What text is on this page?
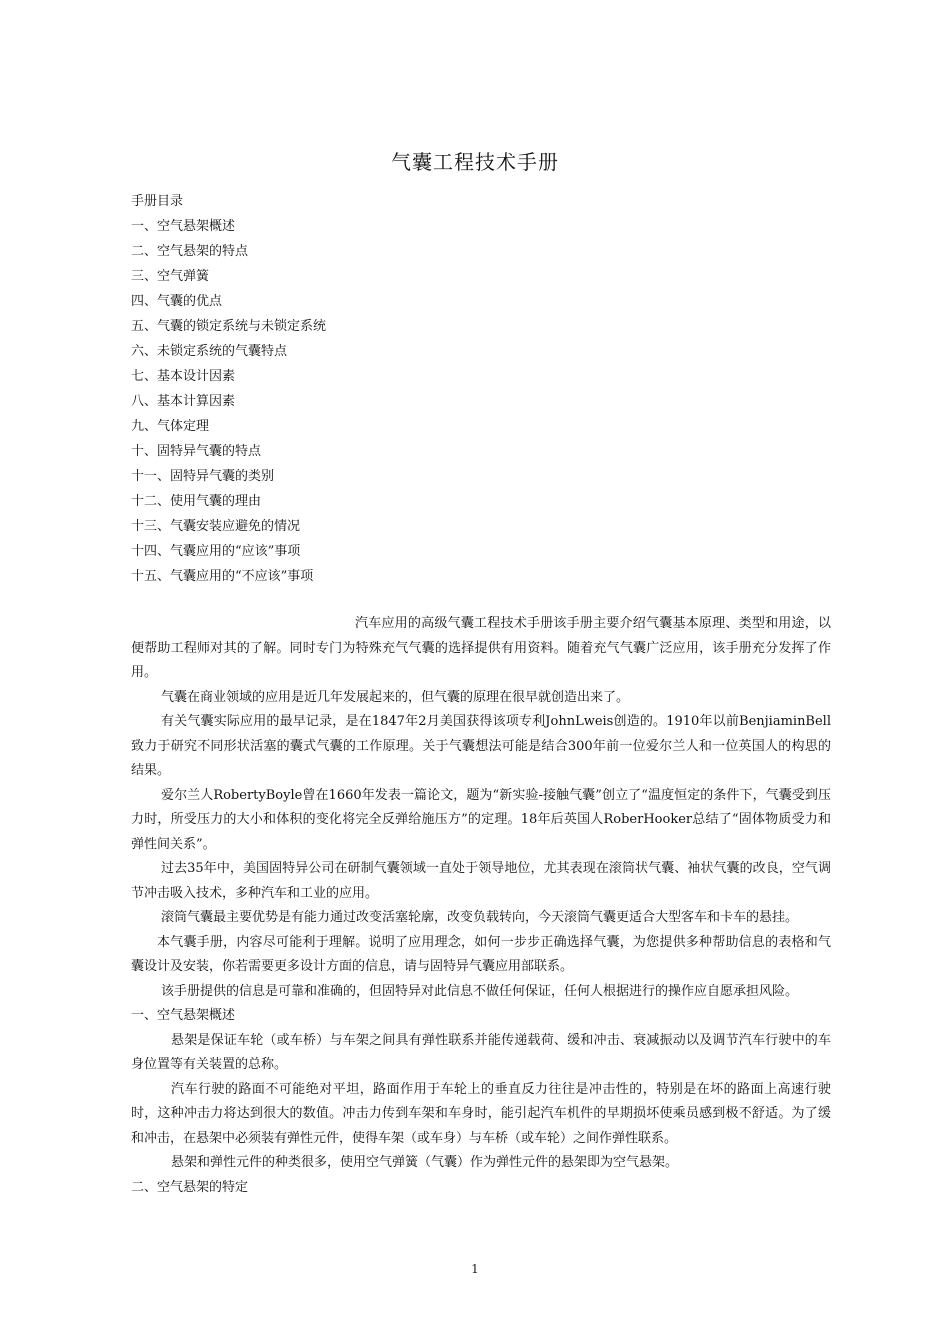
气囊工程技术手册
手册目录
一、空气悬架概述
二、空气悬架的特点
三、空气弹簧
四、气囊的优点
五、气囊的锁定系统与未锁定系统
六、未锁定系统的气囊特点
七、基本设计因素
八、基本计算因素
九、气体定理
十、固特异气囊的特点
十一、固特异气囊的类别
十二、使用气囊的理由
十三、气囊安装应避免的情况
十四、气囊应用的“应该”事项
十五、气囊应用的“不应该”事项

汽车应用的高级气囊工程技术手册该手册主要介绍气囊基本原理、类型和用途，以便帮助工程师对其的了解。同时专门为特殊充气气囊的选择提供有用资料。随着充气气囊广泛应用，该手册充分发挥了作用。

气囊在商业领域的应用是近几年发展起来的，但气囊的原理在很早就创造出来了。

有关气囊实际应用的最早记录，是在1847年2月美国获得该项专利JohnLweis创造的。1910年以前BenjiaminBell致力于研究不同形状活塞的囊式气囊的工作原理。关于气囊想法可能是结合300年前一位爱尔兰人和一位英国人的构思的结果。

爱尔兰人RobertyBoyle曾在1660年发表一篇论文，题为“新实验-接触气囊”创立了“温度恒定的条件下，气囊受到压力时，所受压力的大小和体积的变化将完全反弹给施压方”的定理。18年后英国人RoberHooker总结了“固体物质受力和弹性间关系”。

过去35年中，美国固特异公司在研制气囊领域一直处于领导地位，尤其表现在滚筒状气囊、袖状气囊的改良，空气调节冲击吸入技术，多种汽车和工业的应用。

滚筒气囊最主要优势是有能力通过改变活塞轮廓，改变负载转向，今天滚筒气囊更适合大型客车和卡车的悬挂。

本气囊手册，内容尽可能利于理解。说明了应用理念，如何一步步正确选择气囊，为您提供多种帮助信息的表格和气囊设计及安装，你若需要更多设计方面的信息，请与固特异气囊应用部联系。

该手册提供的信息是可靠和准确的，但固特异对此信息不做任何保证，任何人根据进行的操作应自愿承担风险。

一、空气悬架概述

悬架是保证车轮（或车桥）与车架之间具有弹性联系并能传递载荷、缓和冲击、衰减振动以及调节汽车行驶中的车身位置等有关装置的总称。

汽车行驶的路面不可能绝对平坦，路面作用于车轮上的垂直反力往往是冲击性的，特别是在坏的路面上高速行驶时，这种冲击力将达到很大的数值。冲击力传到车架和车身时，能引起汽车机件的早期损坏使乘员感到极不舒适。为了缓和冲击，在悬架中必须装有弹性元件，使得车架（或车身）与车桥（或车轮）之间作弹性联系。

悬架和弹性元件的种类很多，使用空气弹簧（气囊）作为弹性元件的悬架即为空气悬架。

二、空气悬架的特定

1
